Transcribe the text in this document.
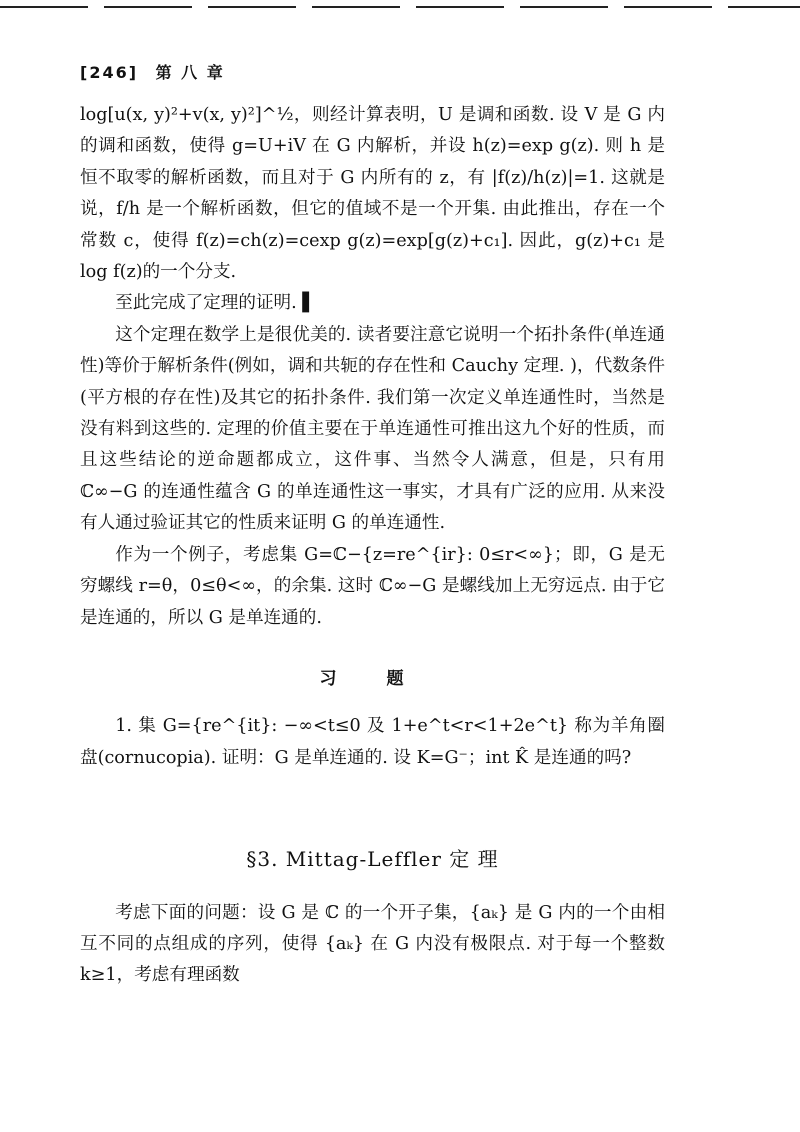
[246] 第 八 章

log[u(x, y)²+v(x, y)²]^½，则经计算表明，U 是调和函数. 设 V 是 G 内的调和函数，使得 g=U+iV 在 G 内解析，并设 h(z)=exp g(z). 则 h 是恒不取零的解析函数，而且对于 G 内所有的 z，有 |f(z)/h(z)|=1. 这就是说，f/h 是一个解析函数，但它的值域不是一个开集. 由此推出，存在一个常数 c，使得 f(z)=ch(z)=cexp g(z)=exp[g(z)+c₁]. 因此，g(z)+c₁ 是 log f(z)的一个分支.

至此完成了定理的证明. ▌

这个定理在数学上是很优美的. 读者要注意它说明一个拓扑条件(单连通性)等价于解析条件(例如，调和共轭的存在性和 Cauchy 定理. )，代数条件(平方根的存在性)及其它的拓扑条件. 我们第一次定义单连通性时，当然是没有料到这些的. 定理的价值主要在于单连通性可推出这九个好的性质，而且这些结论的逆命题都成立，这件事、当然令人满意，但是，只有用 ℂ∞−G 的连通性蕴含 G 的单连通性这一事实，才具有广泛的应用. 从来没有人通过验证其它的性质来证明 G 的单连通性.

作为一个例子，考虑集 G=ℂ−{z=re^{ir}: 0≤r<∞}；即，G 是无穷螺线 r=θ，0≤θ<∞，的余集. 这时 ℂ∞−G 是螺线加上无穷远点. 由于它是连通的，所以 G 是单连通的.

习 题

1. 集 G={re^{it}: −∞<t≤0 及 1+e^t<r<1+2e^t} 称为羊角圈盘(cornucopia). 证明：G 是单连通的. 设 K=G⁻；int K̂ 是连通的吗?

§3. Mittag-Leffler 定 理

考虑下面的问题：设 G 是 ℂ 的一个开子集，{aₖ} 是 G 内的一个由相互不同的点组成的序列，使得 {aₖ} 在 G 内没有极限点. 对于每一个整数 k≥1，考虑有理函数
